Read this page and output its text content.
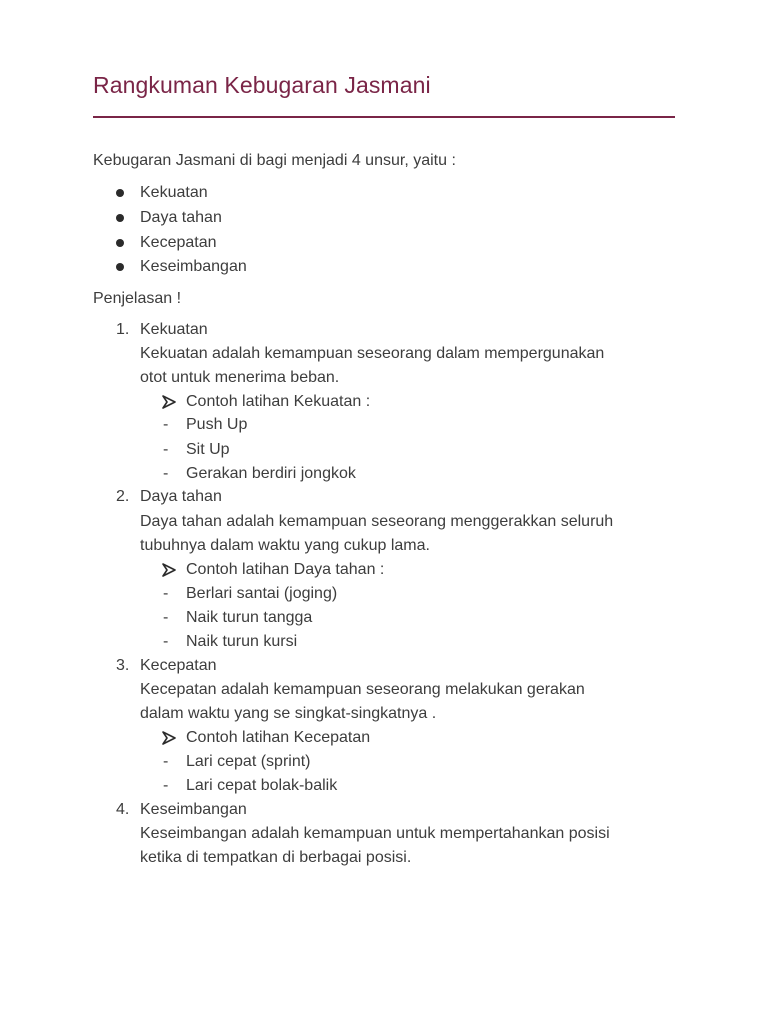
Rangkuman Kebugaran Jasmani
Kebugaran Jasmani di bagi menjadi 4 unsur, yaitu :
Kekuatan
Daya tahan
Kecepatan
Keseimbangan
Penjelasan !
1. Kekuatan
Kekuatan adalah kemampuan seseorang dalam mempergunakan
otot untuk menerima beban.
Contoh latihan Kekuatan :
- Push Up
- Sit Up
- Gerakan berdiri jongkok
2. Daya tahan
Daya tahan adalah kemampuan seseorang menggerakkan seluruh
tubuhnya dalam waktu yang cukup lama.
Contoh latihan Daya tahan :
- Berlari santai (joging)
- Naik turun tangga
- Naik turun kursi
3. Kecepatan
Kecepatan adalah kemampuan seseorang melakukan gerakan
dalam waktu yang se singkat-singkatnya .
Contoh latihan Kecepatan
- Lari cepat (sprint)
- Lari cepat bolak-balik
4. Keseimbangan
Keseimbangan adalah kemampuan untuk mempertahankan posisi
ketika di tempatkan di berbagai posisi.
